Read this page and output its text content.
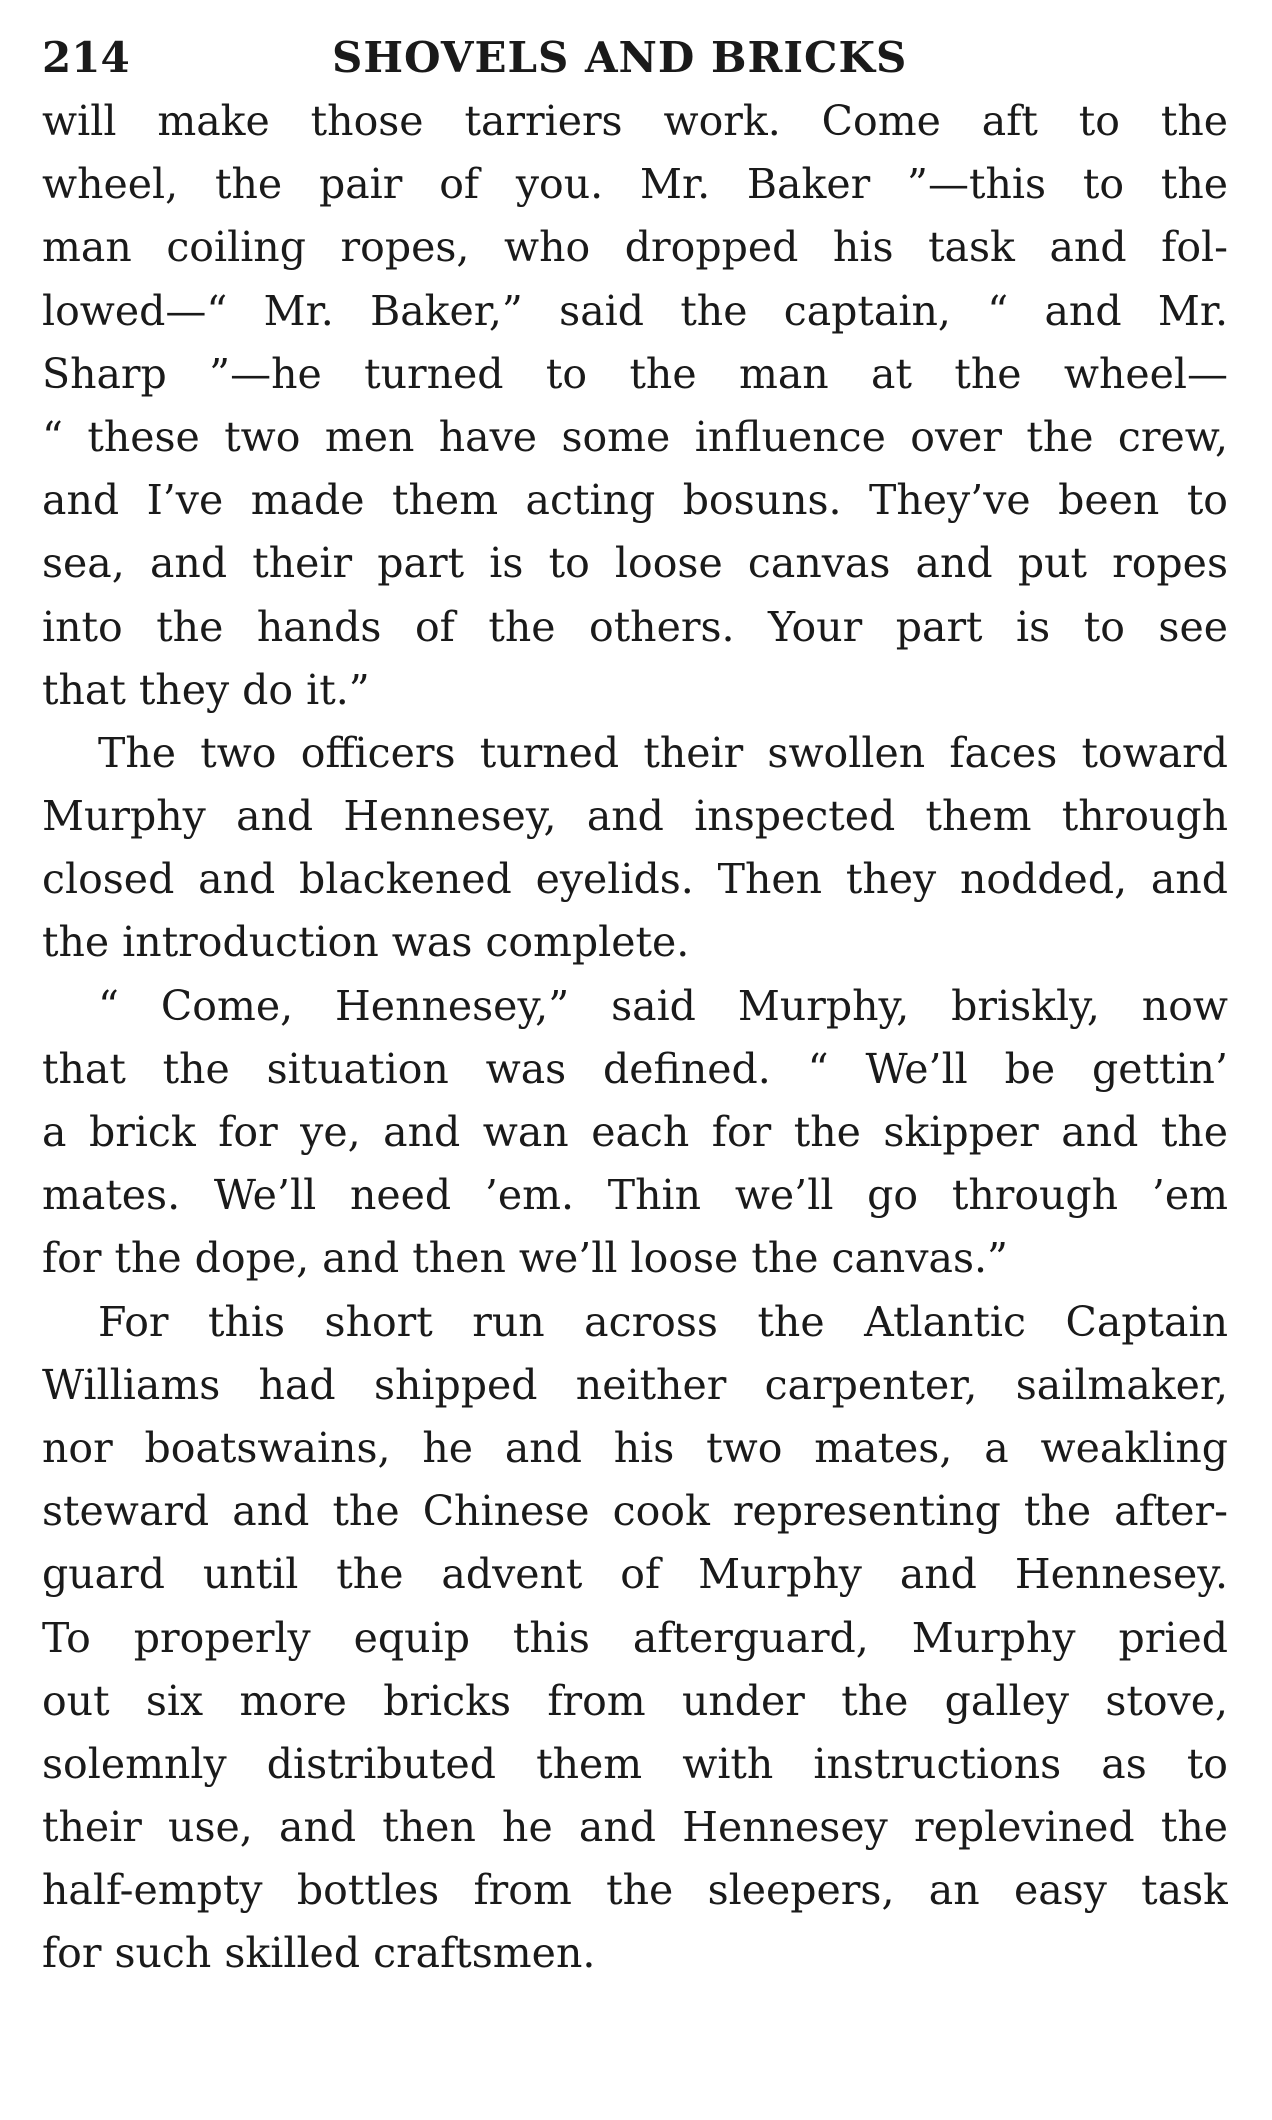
214	SHOVELS AND BRICKS
will make those tarriers work. Come aft to the
wheel, the pair of you. Mr. Baker ”—this to the
man coiling ropes, who dropped his task and fol-
lowed—“ Mr. Baker,” said the captain, “ and Mr.
Sharp ”—he turned to the man at the wheel—
“ these two men have some influence over the crew,
and I’ve made them acting bosuns. They’ve been to
sea, and their part is to loose canvas and put ropes
into the hands of the others. Your part is to see
that they do it.”
The two officers turned their swollen faces toward
Murphy and Hennesey, and inspected them through
closed and blackened eyelids. Then they nodded, and
the introduction was complete.
“ Come, Hennesey,” said Murphy, briskly, now
that the situation was defined. “ We’ll be gettin’
a brick for ye, and wan each for the skipper and the
mates. We’ll need ’em. Thin we’ll go through ’em
for the dope, and then we’ll loose the canvas.”
For this short run across the Atlantic Captain
Williams had shipped neither carpenter, sailmaker,
nor boatswains, he and his two mates, a weakling
steward and the Chinese cook representing the after-
guard until the advent of Murphy and Hennesey.
To properly equip this afterguard, Murphy pried
out six more bricks from under the galley stove,
solemnly distributed them with instructions as to
their use, and then he and Hennesey replevined the
half-empty bottles from the sleepers, an easy task
for such skilled craftsmen.
